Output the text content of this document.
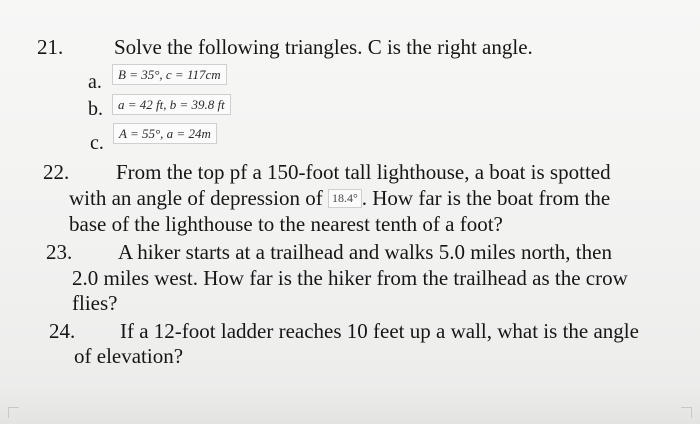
21. Solve the following triangles. C is the right angle.
a.	B = 35°, c = 117cm
b.	a = 42 ft, b = 39.8 ft
c.	A = 55°, a = 24m
22. From the top pf a 150-foot tall lighthouse, a boat is spotted
with an angle of depression of 18.4° . How far is the boat from the
base of the lighthouse to the nearest tenth of a foot?
23. A hiker starts at a trailhead and walks 5.0 miles north, then
2.0 miles west. How far is the hiker from the trailhead as the crow
flies?
24. If a 12-foot ladder reaches 10 feet up a wall, what is the angle
of elevation?
